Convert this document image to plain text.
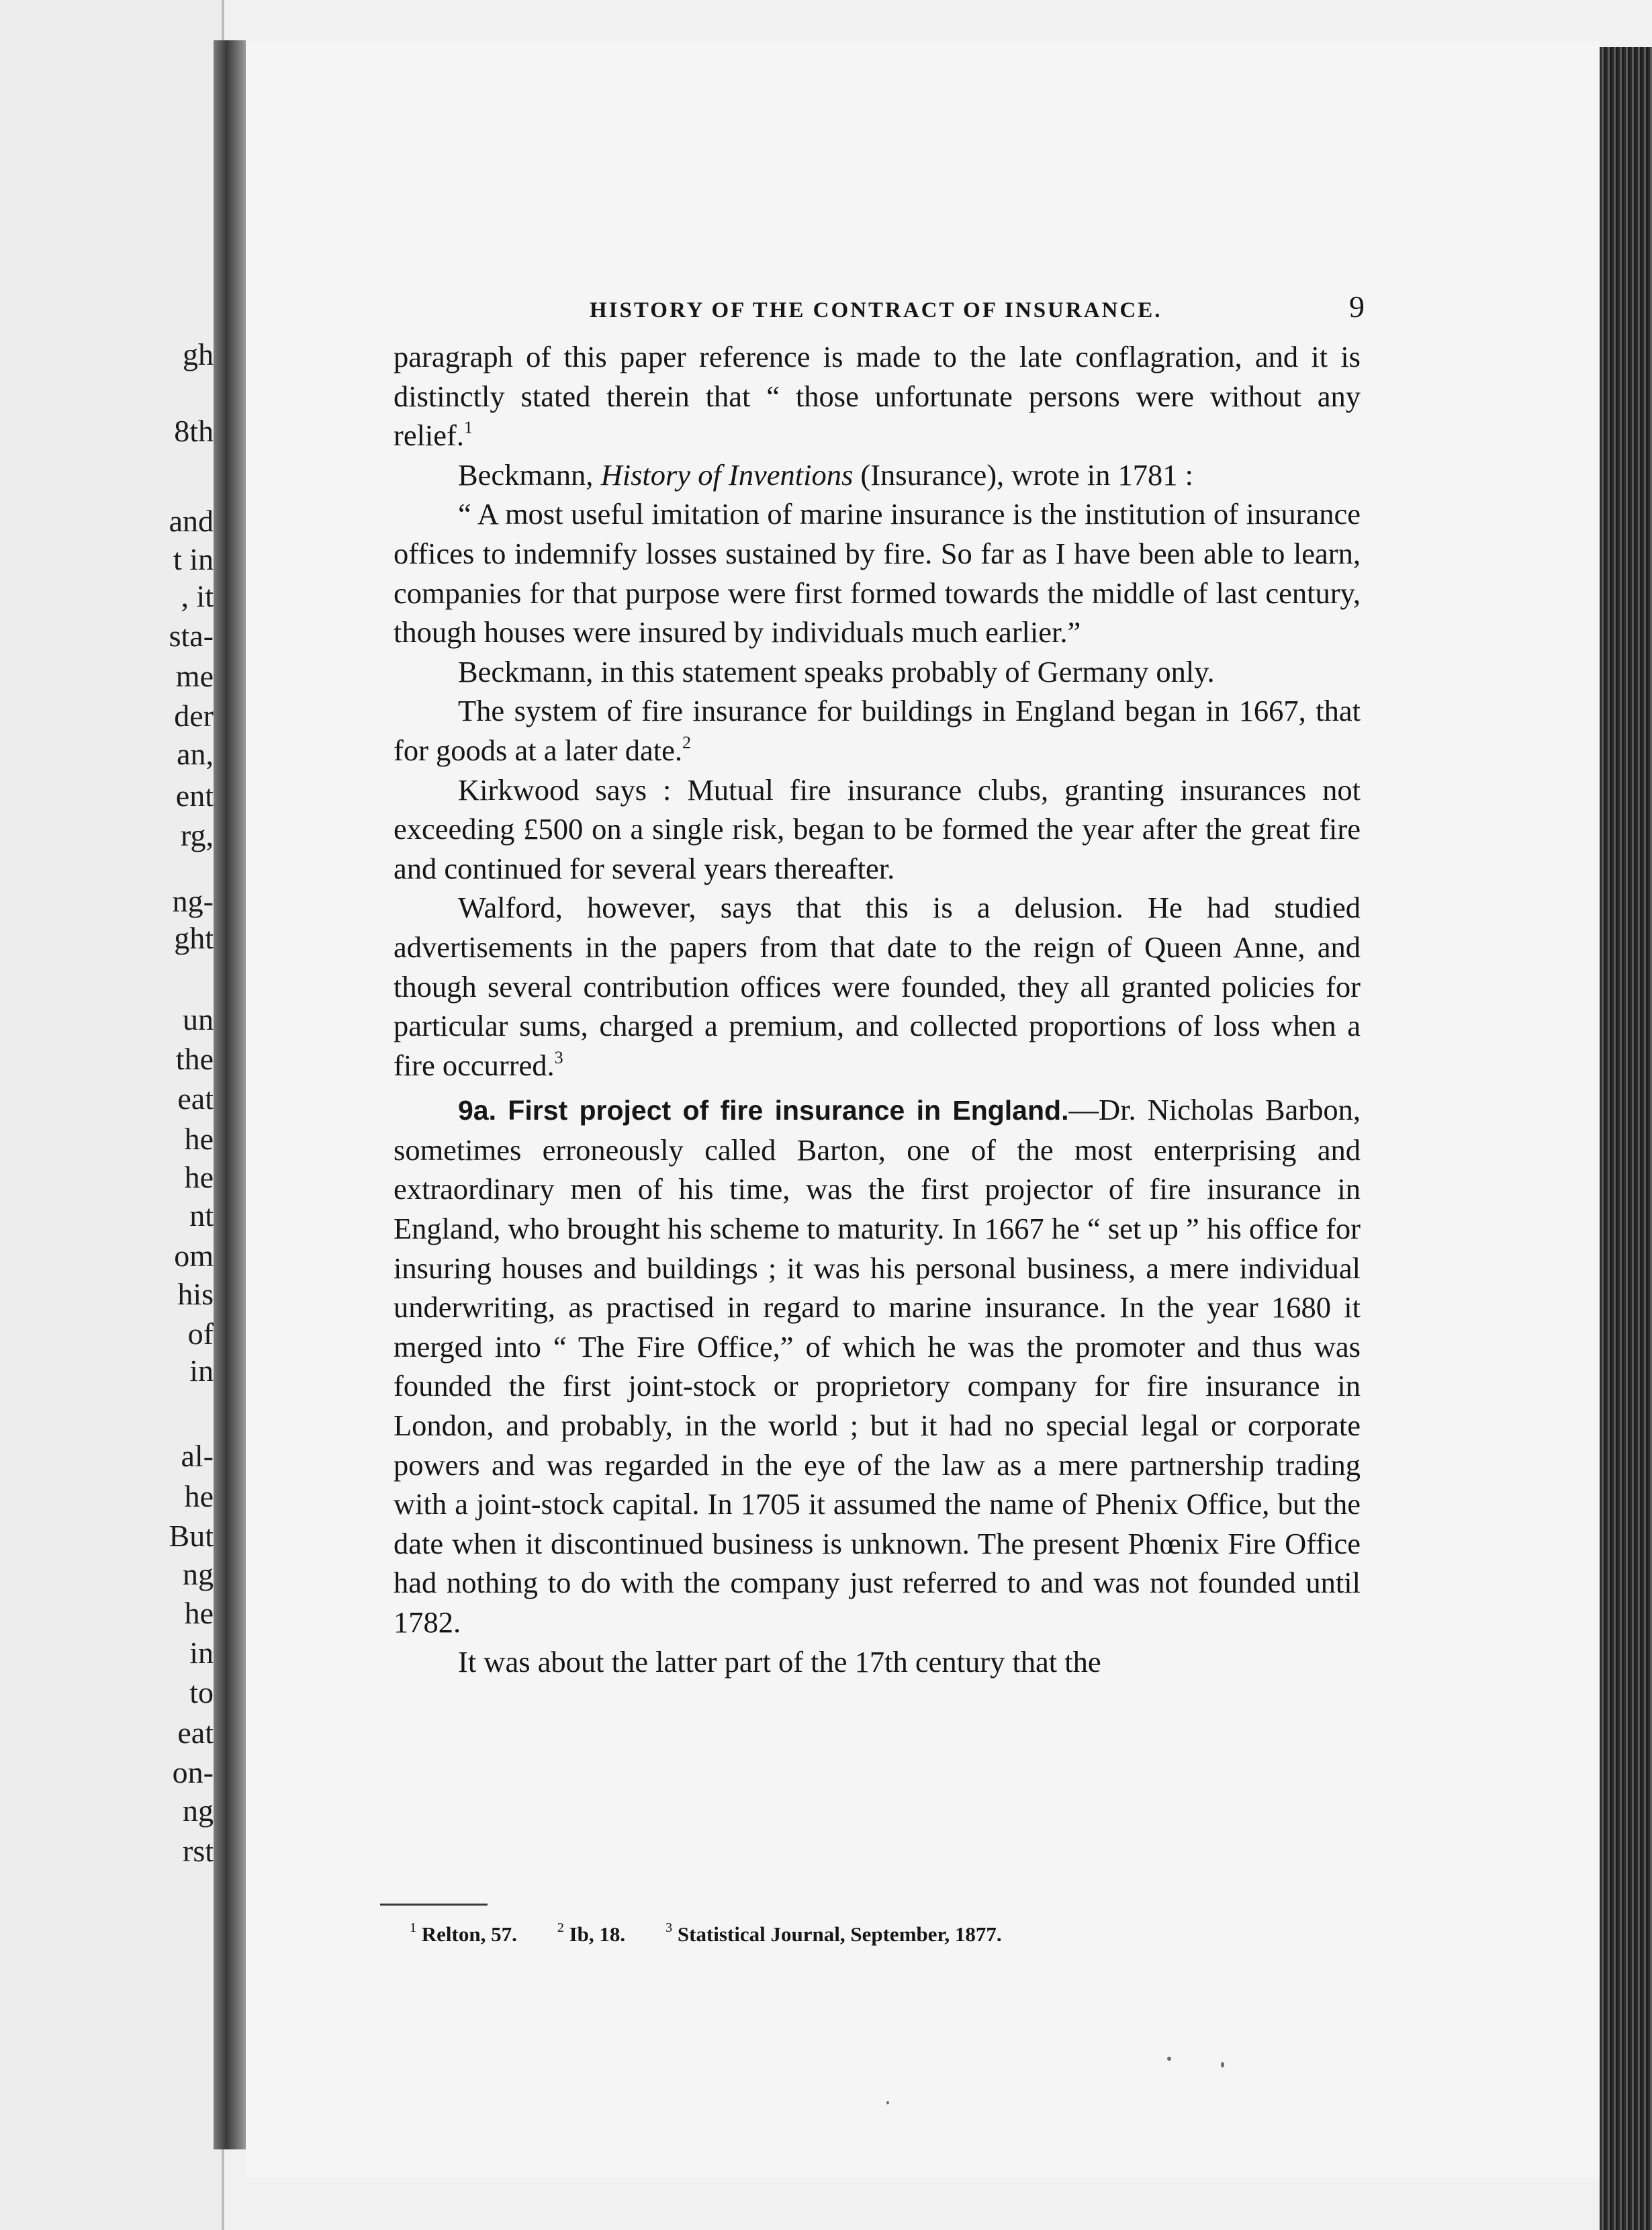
gh
8th
and
t in
, it
sta-
me
der
an,
ent
rg,
ng-
ght
un
the
eat
he
he
nt
om
his
of
in
al-
he
But
ng
he
in
to
eat
on-
ng
rst
HISTORY OF THE CONTRACT OF INSURANCE.	9

paragraph of this paper reference is made to the late conflagration, and it is distinctly stated therein that “ those unfortunate persons were without any relief.$^1$

Beckmann, History of Inventions (Insurance), wrote in 1781 :

“ A most useful imitation of marine insurance is the institution of insurance offices to indemnify losses sustained by fire. So far as I have been able to learn, companies for that purpose were first formed towards the middle of last century, though houses were insured by individuals much earlier.”

Beckmann, in this statement speaks probably of Germany only.

The system of fire insurance for buildings in England began in 1667, that for goods at a later date.$^2$

Kirkwood says : Mutual fire insurance clubs, granting insurances not exceeding £500 on a single risk, began to be formed the year after the great fire and continued for several years thereafter.

Walford, however, says that this is a delusion. He had studied advertisements in the papers from that date to the reign of Queen Anne, and though several contribution offices were founded, they all granted policies for particular sums, charged a premium, and collected proportions of loss when a fire occurred.$^3$

9a. First project of fire insurance in England.—Dr. Nicholas Barbon, sometimes erroneously called Barton, one of the most enterprising and extraordinary men of his time, was the first projector of fire insurance in England, who brought his scheme to maturity. In 1667 he “ set up ” his office for insuring houses and buildings ; it was his personal business, a mere individual underwriting, as practised in regard to marine insurance. In the year 1680 it merged into “ The Fire Office,” of which he was the promoter and thus was founded the first joint-stock or proprietory company for fire insurance in London, and probably, in the world ; but it had no special legal or corporate powers and was regarded in the eye of the law as a mere partnership trading with a joint-stock capital. In 1705 it assumed the name of Phenix Office, but the date when it discontinued business is unknown. The present Phœnix Fire Office had nothing to do with the company just referred to and was not founded until 1782.

It was about the latter part of the 17th century that the

$^1$ Relton, 57.	$^2$ Ib, 18.	$^3$ Statistical Journal, September, 1877.
